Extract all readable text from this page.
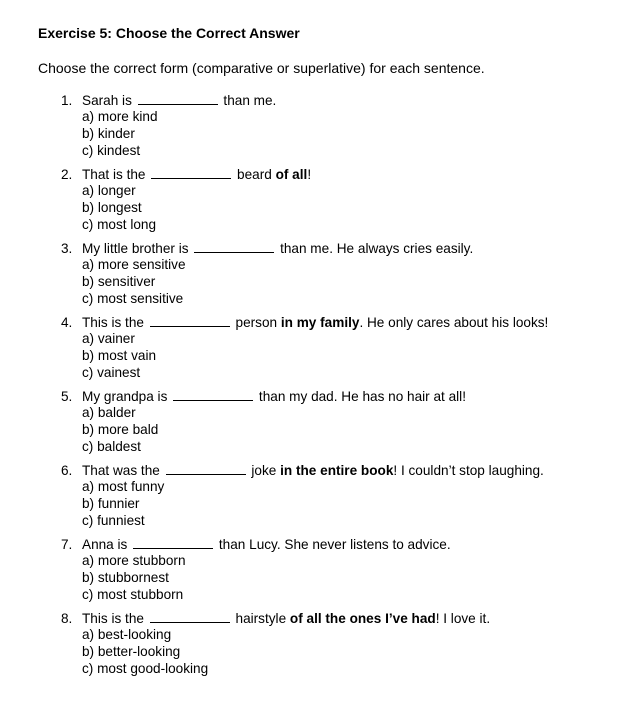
Exercise 5: Choose the Correct Answer
Choose the correct form (comparative or superlative) for each sentence.
1. Sarah is	than me.
a) more kind
b) kinder
c) kindest
2. That is the	beard of all!
a) longer
b) longest
c) most long
3. My little brother is	than me. He always cries easily.
a) more sensitive
b) sensitiver
c) most sensitive
4. This is the	person in my family. He only cares about his looks!
a) vainer
b) most vain
c) vainest
5. My grandpa is	than my dad. He has no hair at all!
a) balder
b) more bald
c) baldest
6. That was the	joke in the entire book! I couldn’t stop laughing.
a) most funny
b) funnier
c) funniest
7. Anna is	than Lucy. She never listens to advice.
a) more stubborn
b) stubbornest
c) most stubborn
8. This is the	hairstyle of all the ones I’ve had! I love it.
a) best-looking
b) better-looking
c) most good-looking
